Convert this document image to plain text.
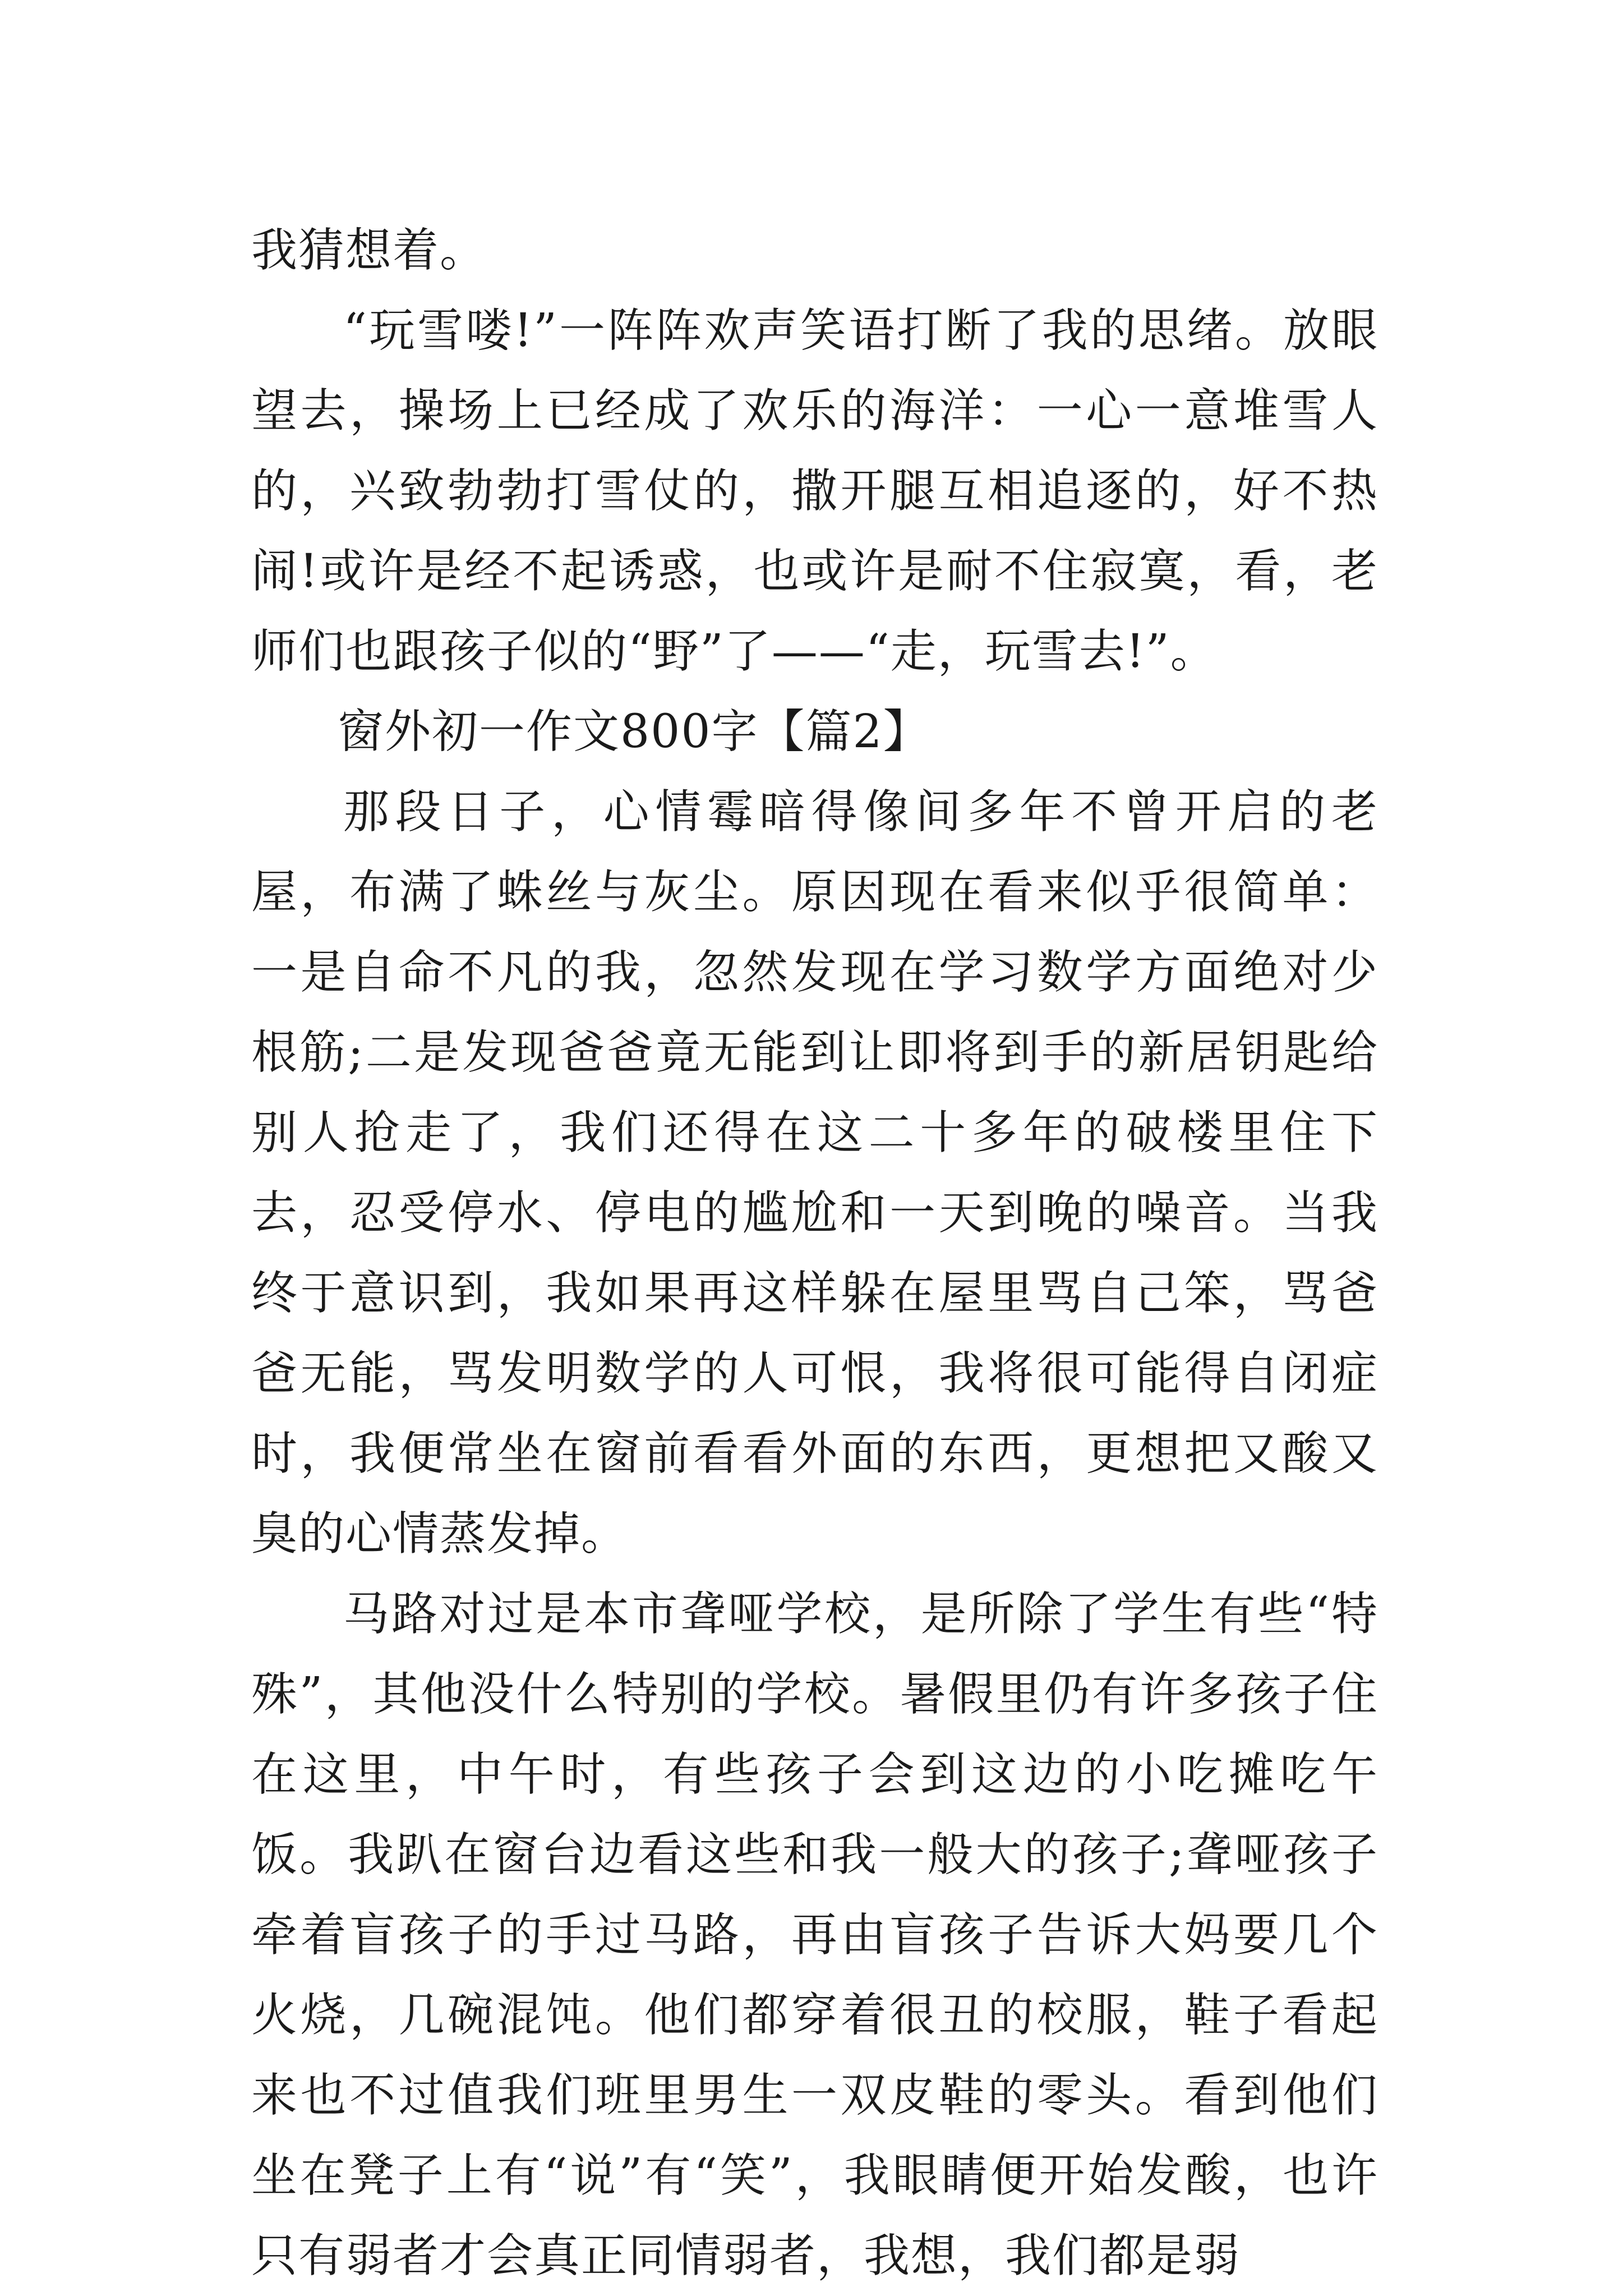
我猜想着。

“玩雪喽!”一阵阵欢声笑语打断了我的思绪。放眼望去，操场上已经成了欢乐的海洋：一心一意堆雪人的，兴致勃勃打雪仗的，撒开腿互相追逐的，好不热闹!或许是经不起诱惑，也或许是耐不住寂寞，看，老师们也跟孩子似的“野”了——“走，玩雪去!”。

窗外初一作文800字【篇2】

那段日子，心情霉暗得像间多年不曾开启的老屋，布满了蛛丝与灰尘。原因现在看来似乎很简单：一是自命不凡的我，忽然发现在学习数学方面绝对少根筋;二是发现爸爸竟无能到让即将到手的新居钥匙给别人抢走了，我们还得在这二十多年的破楼里住下去，忍受停水、停电的尴尬和一天到晚的噪音。当我终于意识到，我如果再这样躲在屋里骂自己笨，骂爸爸无能，骂发明数学的人可恨，我将很可能得自闭症时，我便常坐在窗前看看外面的东西，更想把又酸又臭的心情蒸发掉。

马路对过是本市聋哑学校，是所除了学生有些“特殊”，其他没什么特别的学校。暑假里仍有许多孩子住在这里，中午时，有些孩子会到这边的小吃摊吃午饭。我趴在窗台边看这些和我一般大的孩子;聋哑孩子牵着盲孩子的手过马路，再由盲孩子告诉大妈要几个火烧，几碗混饨。他们都穿着很丑的校服，鞋子看起来也不过值我们班里男生一双皮鞋的零头。看到他们坐在凳子上有“说”有“笑”，我眼睛便开始发酸，也许只有弱者才会真正同情弱者，我想，我们都是弱
